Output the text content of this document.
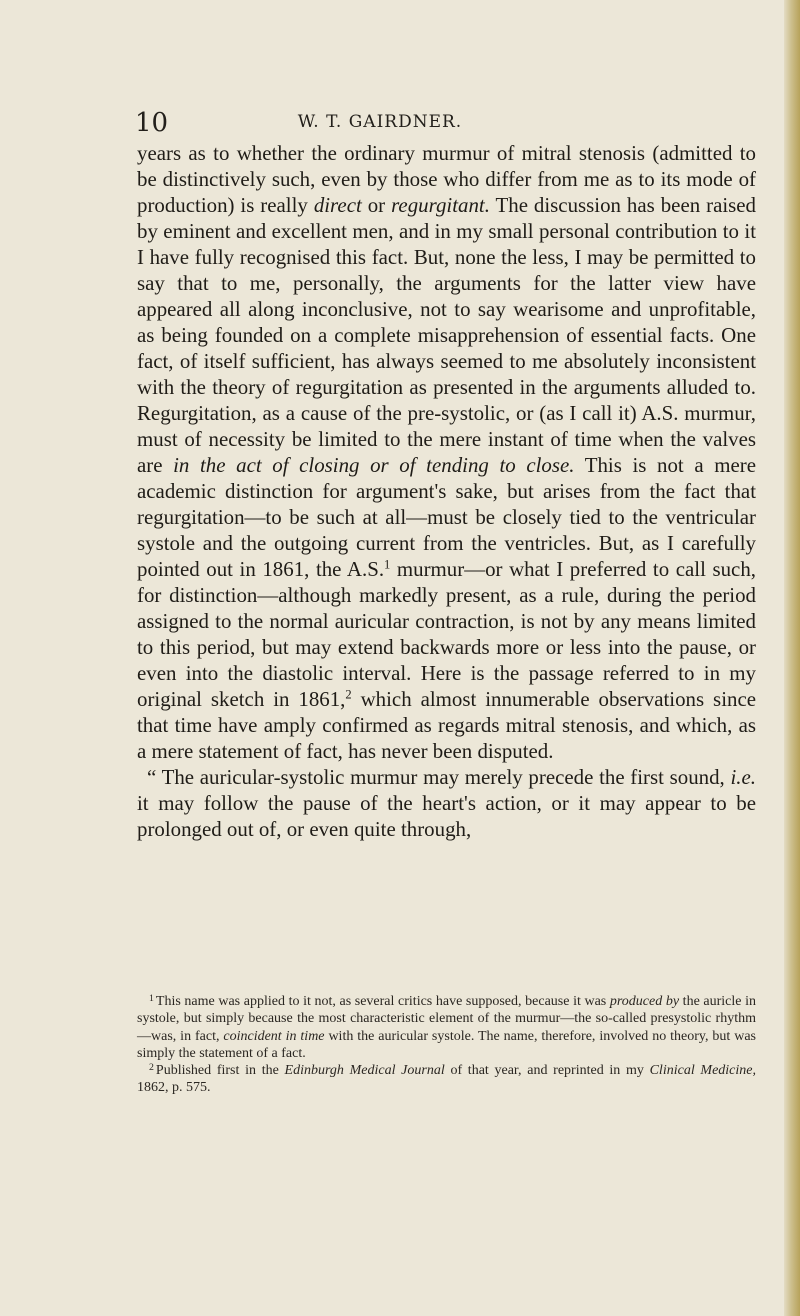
10	W. T. GAIRDNER.

years as to whether the ordinary murmur of mitral stenosis (admitted to be distinctively such, even by those who differ from me as to its mode of production) is really direct or regurgitant. The discussion has been raised by eminent and excellent men, and in my small personal contribution to it I have fully recognised this fact. But, none the less, I may be permitted to say that to me, personally, the arguments for the latter view have appeared all along inconclusive, not to say wearisome and unprofitable, as being founded on a complete misapprehension of essential facts. One fact, of itself sufficient, has always seemed to me absolutely inconsistent with the theory of regurgitation as presented in the arguments alluded to. Regurgitation, as a cause of the pre-systolic, or (as I call it) A.S. murmur, must of necessity be limited to the mere instant of time when the valves are in the act of closing or of tending to close. This is not a mere academic distinction for argument's sake, but arises from the fact that regurgitation—to be such at all—must be closely tied to the ventricular systole and the outgoing current from the ventricles. But, as I carefully pointed out in 1861, the A.S.$^1$ murmur—or what I preferred to call such, for distinction—although markedly present, as a rule, during the period assigned to the normal auricular contraction, is not by any means limited to this period, but may extend backwards more or less into the pause, or even into the diastolic interval. Here is the passage referred to in my original sketch in 1861,$^2$ which almost innumerable observations since that time have amply confirmed as regards mitral stenosis, and which, as a mere statement of fact, has never been disputed.

“ The auricular-systolic murmur may merely precede the first sound, i.e. it may follow the pause of the heart's action, or it may appear to be prolonged out of, or even quite through,

$^1$ This name was applied to it not, as several critics have supposed, because it was produced by the auricle in systole, but simply because the most characteristic element of the murmur—the so-called presystolic rhythm—was, in fact, coincident in time with the auricular systole. The name, therefore, involved no theory, but was simply the statement of a fact.

$^2$ Published first in the Edinburgh Medical Journal of that year, and reprinted in my Clinical Medicine, 1862, p. 575.
